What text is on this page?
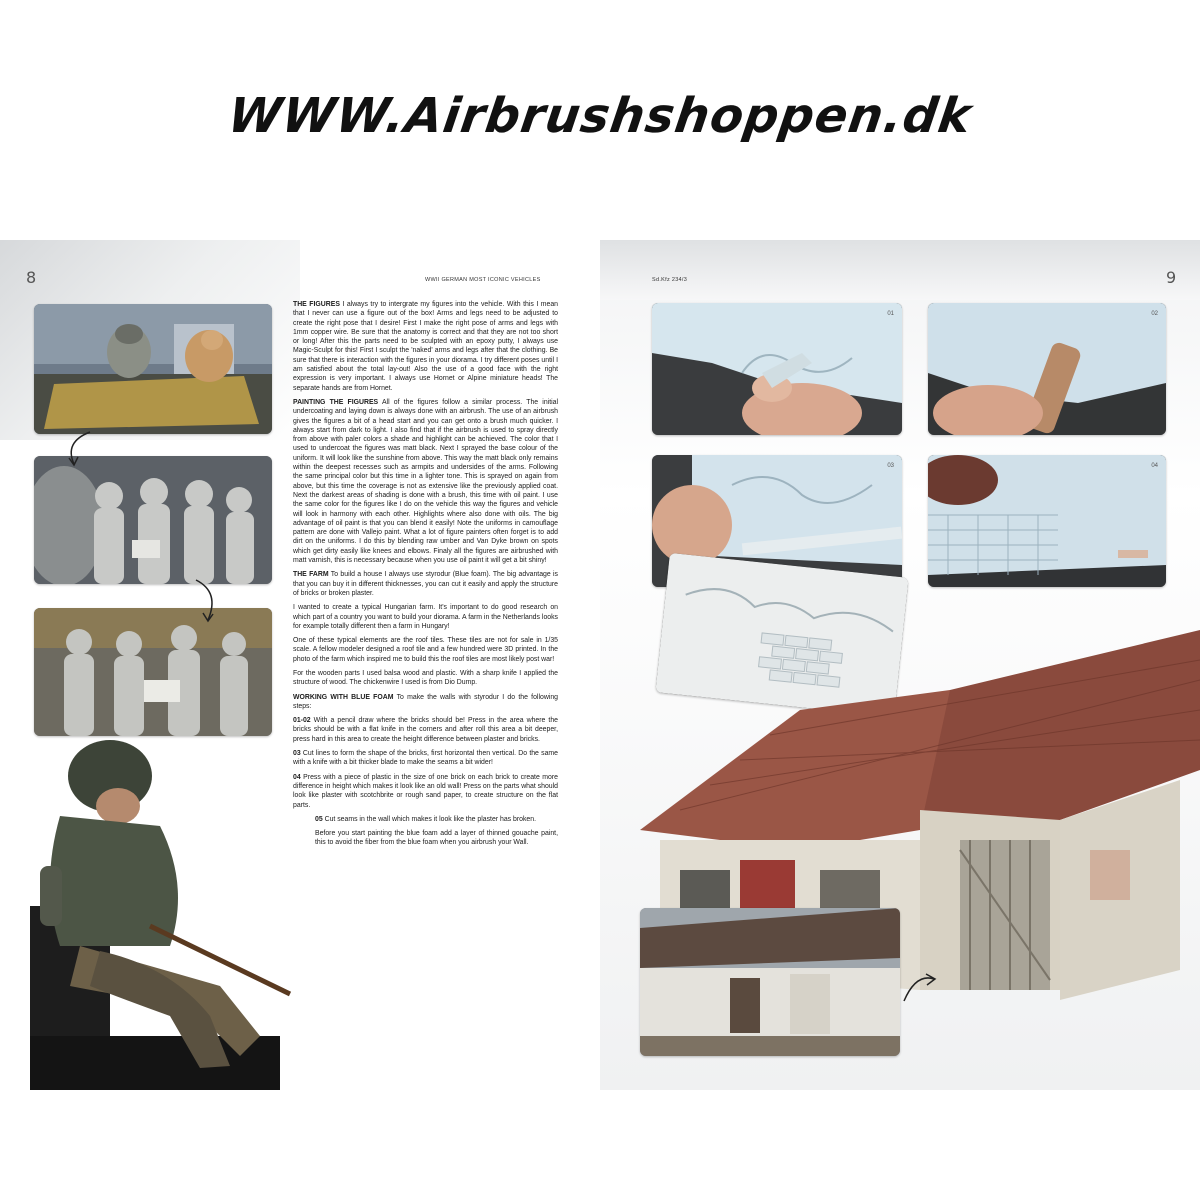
WWW.Airbrushshoppen.dk
8	WWII GERMAN MOST ICONIC VEHICLES

THE FIGURES I always try to intergrate my figures into the vehicle. With this I mean that I never can use a figure out of the box! Arms and legs need to be adjusted to create the right pose that I desire! First I make the right pose of arms and legs with 1mm copper wire. Be sure that the anatomy is correct and that they are not too short or long! After this the parts need to be sculpted with an epoxy putty, I always use Magic-Sculpt for this! First I sculpt the 'naked' arms and legs after that the clothing. Be sure that there is interaction with the figures in your diorama. I try different poses until I am satisfied about the total lay-out! Also the use of a good face with the right expression is very important. I always use Hornet or Alpine miniature heads! The separate hands are from Hornet.

PAINTING THE FIGURES All of the figures follow a similar process. The initial undercoating and laying down is always done with an airbrush. The use of an airbrush gives the figures a bit of a head start and you can get onto a brush much quicker. I always start from dark to light. I also find that if the airbrush is used to spray directly from above with paler colors a shade and highlight can be achieved. The color that I used to undercoat the figures was matt black. Next I sprayed the base colour of the uniform. It will look like the sunshine from above. This way the matt black only remains within the deepest recesses such as armpits and undersides of the arms. Following the same principal color but this time in a lighter tone. This is sprayed on again from above, but this time the coverage is not as extensive like the previously applied coat. Next the darkest areas of shading is done with a brush, this time with oil paint. I use the same color for the figures like I do on the vehicle this way the figures and vehicle will look in harmony with each other. Highlights where also done with oils. The big advantage of oil paint is that you can blend it easily! Note the uniforms in camouflage pattern are done with Vallejo paint. What a lot of figure painters often forget is to add dirt on the uniforms. I do this by blending raw umber and Van Dyke brown on spots which get dirty easily like knees and elbows. Finaly all the figures are airbrushed with matt varnish, this is necessary because when you use oil paint it will get a bit shiny!

THE FARM To build a house I always use styrodur (Blue foam). The big advantage is that you can buy it in different thicknesses, you can cut it easily and apply the structure of bricks or broken plaster.

I wanted to create a typical Hungarian farm. It's important to do good research on which part of a country you want to build your diorama. A farm in the Netherlands looks for example totally different then a farm in Hungary!

One of these typical elements are the roof tiles. These tiles are not for sale in 1/35 scale. A fellow modeler designed a roof tile and a few hundred were 3D printed. In the photo of the farm which inspired me to build this the roof tiles are most likely post war!

For the wooden parts I used balsa wood and plastic. With a sharp knife I applied the structure of wood. The chickenwire I used is from Dio Dump.

WORKING WITH BLUE FOAM To make the walls with styrodur I do the following steps:

01-02 With a pencil draw where the bricks should be! Press in the area where the bricks should be with a flat knife in the corners and after roll this area a bit deeper, press hard in this area to create the height difference between plaster and bricks.

03 Cut lines to form the shape of the bricks, first horizontal then vertical. Do the same with a knife with a bit thicker blade to make the seams a bit wider!

04 Press with a piece of plastic in the size of one brick on each brick to create more difference in height which makes it look like an old wall! Press on the parts what should look like plaster with scotchbrite or rough sand paper, to create structure on the flat parts.

05 Cut seams in the wall which makes it look like the plaster has broken.

Before you start painting the blue foam add a layer of thinned gouache paint, this to avoid the fiber from the blue foam when you airbrush your Wall.

9
Sd.Kfz 234/3
01	02
03	04
